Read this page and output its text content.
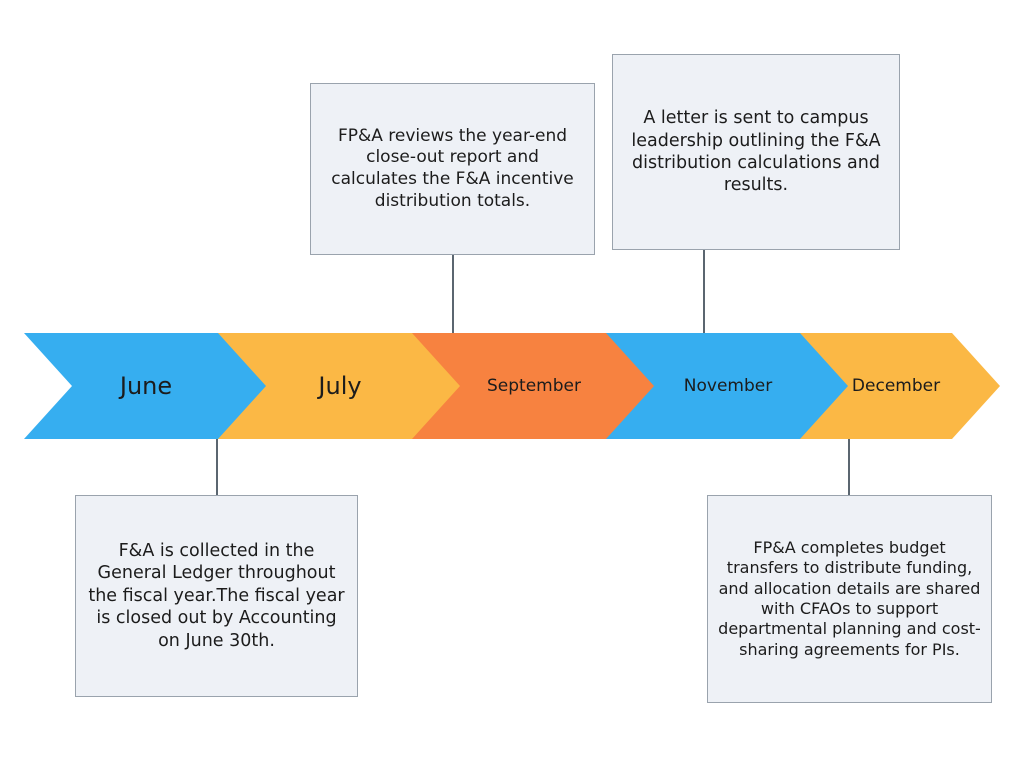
FP&A reviews the year-end close-out report and calculates the F&A incentive distribution totals.
A letter is sent to campus leadership outlining the F&A distribution calculations and results.
June	July	September	November	December
F&A is collected in the General Ledger throughout the fiscal year.The fiscal year is closed out by Accounting on June 30th.
FP&A completes budget transfers to distribute funding, and allocation details are shared with CFAOs to support departmental planning and cost-sharing agreements for PIs.
